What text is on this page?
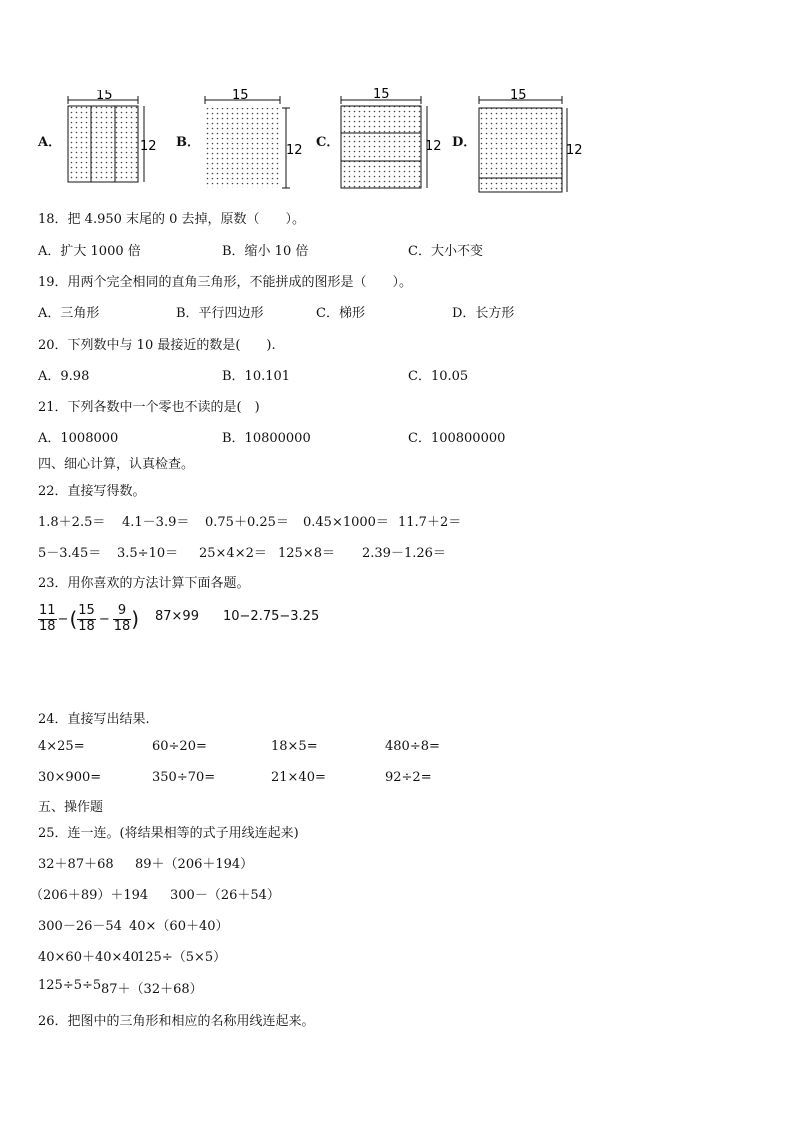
A．
15
12 B．
15
12
C．
15
12 D．
15
12
18．把 4.950 末尾的 0 去掉，原数（　　）。
A．扩大 1000 倍	B．缩小 10 倍	C．大小不变
19．用两个完全相同的直角三角形，不能拼成的图形是（　　）。
A．三角形	B．平行四边形	C．梯形	D．长方形
20．下列数中与 10 最接近的数是(　　).
A．9.98	B．10.101	C．10.05
21．下列各数中一个零也不读的是(　)
A．1008000	B．10800000	C．100800000
四、细心计算，认真检查。
22．直接写得数。
1.8＋2.5＝ 4.1－3.9＝ 0.75＋0.25＝ 0.45×1000＝ 11.7＋2＝
5－3.45＝ 3.5÷10＝ 25×4×2＝ 125×8＝ 2.39－1.26＝
23．用你喜欢的方法计算下面各题。
$\frac{11}{18}$ − ( $\frac{15}{18} - \frac{9}{18}$ ) 87×99 10−2.75−3.25
24．直接写出结果.
4×25=	60÷20=	18×5=	480÷8=
30×900=	350÷70=	21×40=	92÷2=
五、操作题
25．连一连。(将结果相等的式子用线连起来)
32＋87＋68 89＋（206＋194）
（206＋89）＋194 300－（26＋54）
300－26－54 40×（60＋40）
40×60＋40×40
125÷（5×5）
125÷5÷5 87＋（32＋68）
26．把图中的三角形和相应的名称用线连起来。
